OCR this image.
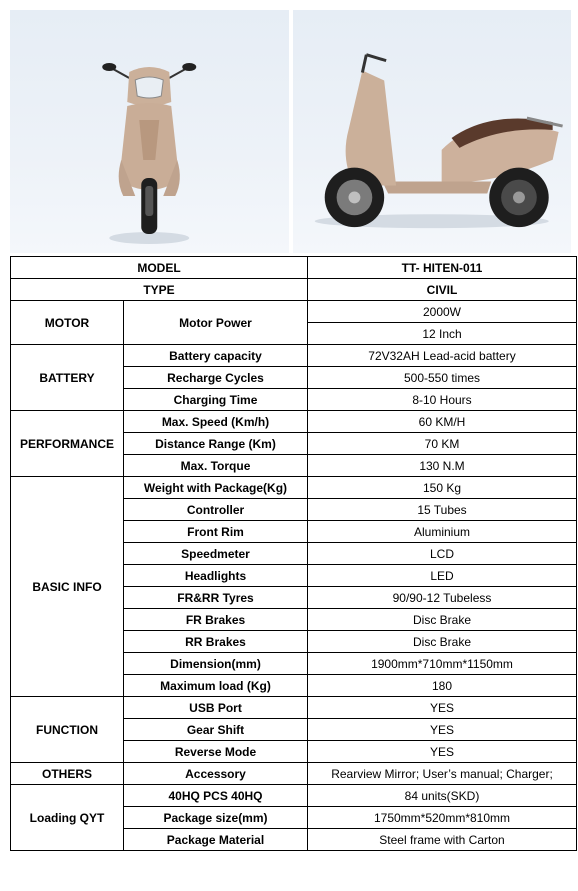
MODEL		TT- HITEN-011
TYPE		CIVIL
MOTOR	Motor Power	2000W
		12 Inch
BATTERY	Battery capacity	72V32AH Lead-acid battery
	Recharge Cycles	500-550 times
	Charging Time	8-10 Hours
PERFORMANCE	Max. Speed (Km/h)	60 KM/H
	Distance Range (Km)	70 KM
	Max. Torque	130 N.M
BASIC INFO	Weight with Package(Kg)	150 Kg
	Controller	15 Tubes
	Front Rim	Aluminium
	Speedmeter	LCD
	Headlights	LED
	FR&RR Tyres	90/90-12 Tubeless
	FR Brakes	Disc Brake
	RR Brakes	Disc Brake
	Dimension(mm)	1900mm*710mm*1150mm
	Maximum load (Kg)	180
FUNCTION	USB Port	YES
	Gear Shift	YES
	Reverse Mode	YES
OTHERS	Accessory	Rearview Mirror; User’s manual; Charger;
Loading QYT	40HQ PCS 40HQ	84 units(SKD)
	Package size(mm)	1750mm*520mm*810mm
	Package Material	Steel frame with Carton
